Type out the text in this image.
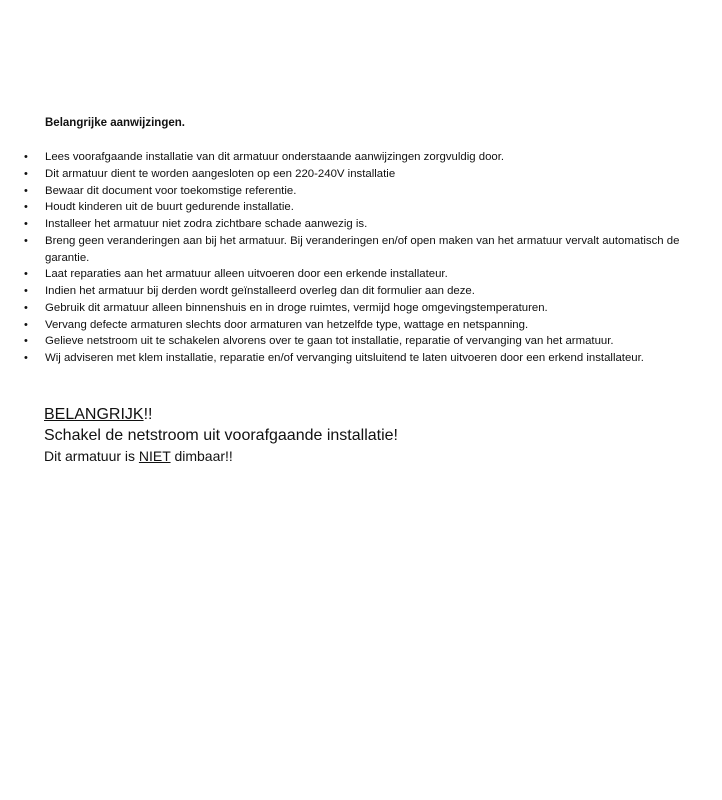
Belangrijke aanwijzingen.
• Lees voorafgaande installatie van dit armatuur onderstaande aanwijzingen zorgvuldig door.
• Dit armatuur dient te worden aangesloten op een 220-240V installatie
• Bewaar dit document voor toekomstige referentie.
• Houdt kinderen uit de buurt gedurende installatie.
• Installeer het armatuur niet zodra zichtbare schade aanwezig is.
• Breng geen veranderingen aan bij het armatuur. Bij veranderingen en/of open maken van het armatuur vervalt automatisch de garantie.
• Laat reparaties aan het armatuur alleen uitvoeren door een erkende installateur.
• Indien het armatuur bij derden wordt geïnstalleerd overleg dan dit formulier aan deze.
• Gebruik dit armatuur alleen binnenshuis en in droge ruimtes, vermijd hoge omgevingstemperaturen.
• Vervang defecte armaturen slechts door armaturen van hetzelfde type, wattage en netspanning.
• Gelieve netstroom uit te schakelen alvorens over te gaan tot installatie, reparatie of vervanging van het armatuur.
• Wij adviseren met klem installatie, reparatie en/of vervanging uitsluitend te laten uitvoeren door een erkend installateur.
BELANGRIJK!!
Schakel de netstroom uit voorafgaande installatie!
Dit armatuur is NIET dimbaar!!
